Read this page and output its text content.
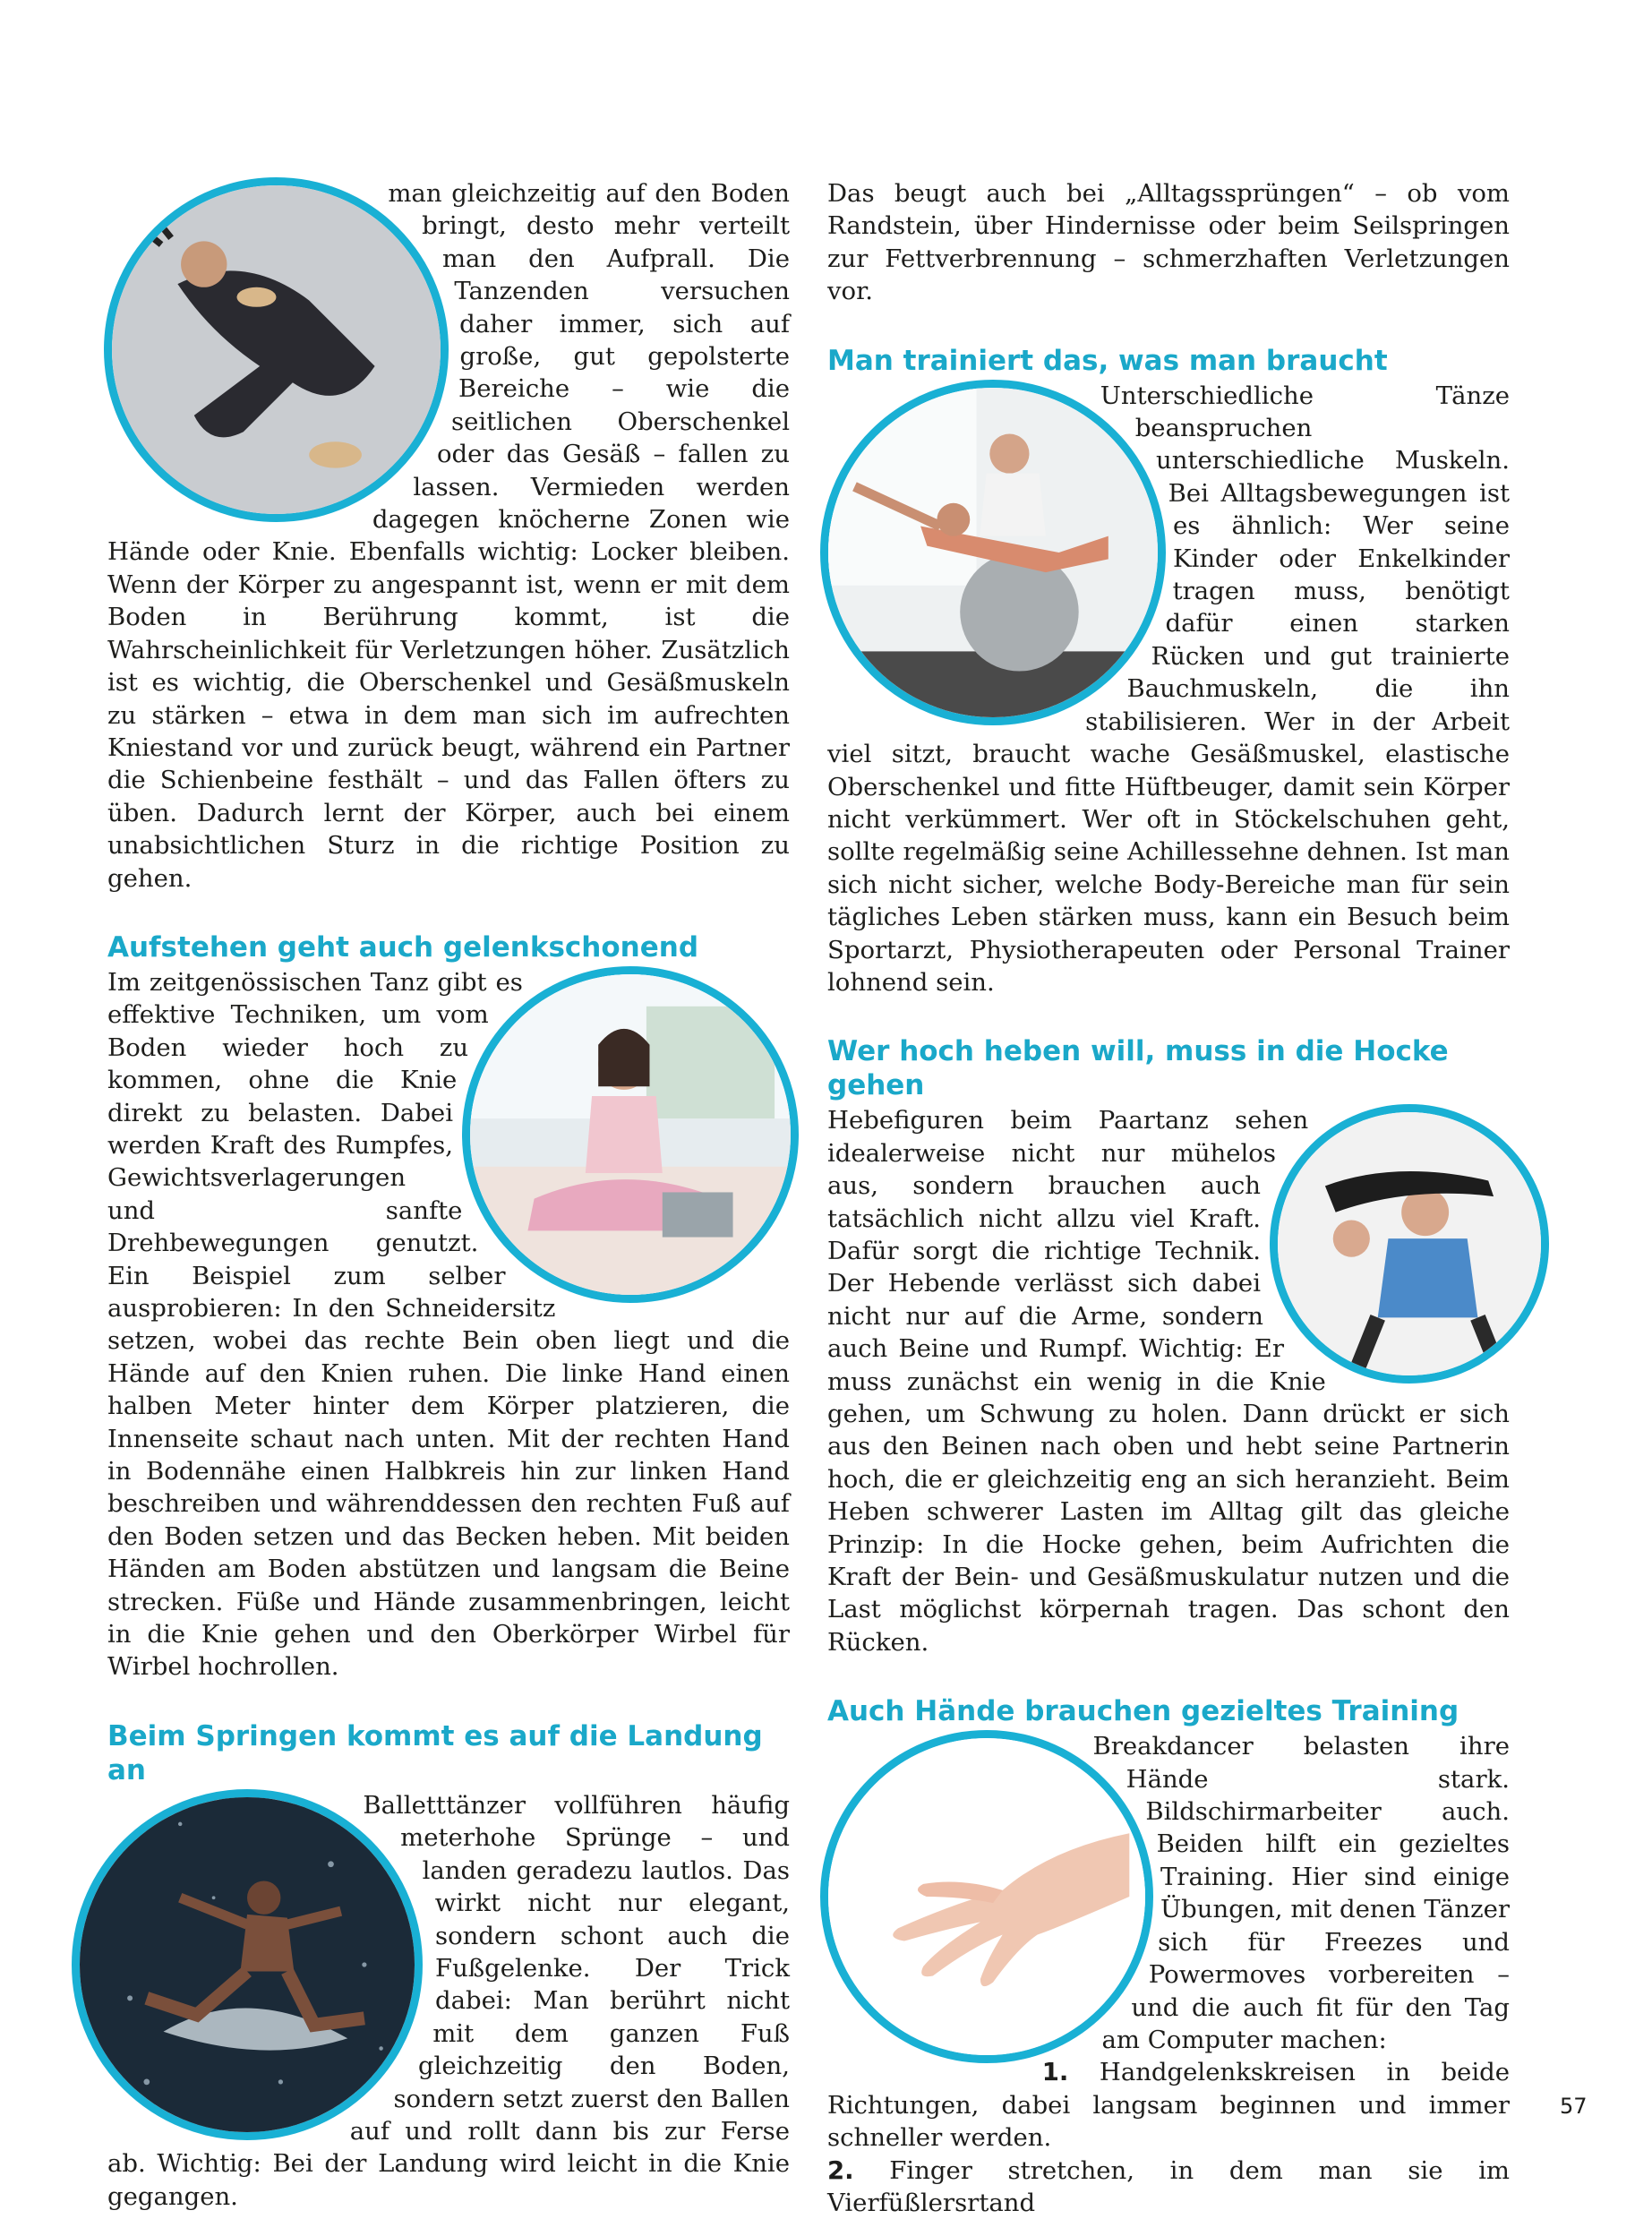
man gleichzeitig auf den Boden bringt, desto mehr verteilt man den Aufprall. Die Tanzenden versuchen daher immer, sich auf große, gut gepolsterte Bereiche – wie die seitlichen Oberschenkel oder das Gesäß – fallen zu lassen. Vermieden werden dagegen knöcherne Zonen wie Hände oder Knie. Ebenfalls wichtig: Locker bleiben. Wenn der Körper zu angespannt ist, wenn er mit dem Boden in Berührung kommt, ist die Wahrscheinlichkeit für Verletzungen höher. Zusätzlich ist es wichtig, die Oberschenkel und Gesäßmuskeln zu stärken – etwa in dem man sich im aufrechten Kniestand vor und zurück beugt, während ein Partner die Schienbeine festhält – und das Fallen öfters zu üben. Dadurch lernt der Körper, auch bei einem unabsichtlichen Sturz in die richtige Position zu gehen.

Aufstehen geht auch gelenkschonend

Im zeitgenössischen Tanz gibt es effektive Techniken, um vom Boden wieder hoch zu kommen, ohne die Knie direkt zu belasten. Dabei werden Kraft des Rumpfes, Gewichtsverlagerungen und sanfte Drehbewegungen genutzt. Ein Beispiel zum selber ausprobieren: In den Schneidersitz setzen, wobei das rechte Bein oben liegt und die Hände auf den Knien ruhen. Die linke Hand einen halben Meter hinter dem Körper platzieren, die Innenseite schaut nach unten. Mit der rechten Hand in Bodennähe einen Halbkreis hin zur linken Hand beschreiben und währenddessen den rechten Fuß auf den Boden setzen und das Becken heben. Mit beiden Händen am Boden abstützen und langsam die Beine strecken. Füße und Hände zusammenbringen, leicht in die Knie gehen und den Oberkörper Wirbel für Wirbel hochrollen.

Beim Springen kommt es auf die Landung an

Balletttänzer vollführen häufig meterhohe Sprünge – und landen geradezu lautlos. Das wirkt nicht nur elegant, sondern schont auch die Fußgelenke. Der Trick dabei: Man berührt nicht mit dem ganzen Fuß gleichzeitig den Boden, sondern setzt zuerst den Ballen auf und rollt dann bis zur Ferse ab. Wichtig: Bei der Landung wird leicht in die Knie gegangen.

Das beugt auch bei „Alltagssprüngen“ – ob vom Randstein, über Hindernisse oder beim Seilspringen zur Fettverbrennung – schmerzhaften Verletzungen vor.

Man trainiert das, was man braucht

Unterschiedliche Tänze beanspruchen unterschiedliche Muskeln. Bei Alltagsbewegungen ist es ähnlich: Wer seine Kinder oder Enkelkinder tragen muss, benötigt dafür einen starken Rücken und gut trainierte Bauchmuskeln, die ihn stabilisieren. Wer in der Arbeit viel sitzt, braucht wache Gesäßmuskel, elastische Oberschenkel und fitte Hüftbeuger, damit sein Körper nicht verkümmert. Wer oft in Stöckelschuhen geht, sollte regelmäßig seine Achillessehne dehnen. Ist man sich nicht sicher, welche Body-Bereiche man für sein tägliches Leben stärken muss, kann ein Besuch beim Sportarzt, Physiotherapeuten oder Personal Trainer lohnend sein.

Wer hoch heben will, muss in die Hocke gehen

Hebefiguren beim Paartanz sehen idealerweise nicht nur mühelos aus, sondern brauchen auch tatsächlich nicht allzu viel Kraft. Dafür sorgt die richtige Technik. Der Hebende verlässt sich dabei nicht nur auf die Arme, sondern auch Beine und Rumpf. Wichtig: Er muss zunächst ein wenig in die Knie gehen, um Schwung zu holen. Dann drückt er sich aus den Beinen nach oben und hebt seine Partnerin hoch, die er gleichzeitig eng an sich heranzieht. Beim Heben schwerer Lasten im Alltag gilt das gleiche Prinzip: In die Hocke gehen, beim Aufrichten die Kraft der Bein- und Gesäßmuskulatur nutzen und die Last möglichst körpernah tragen. Das schont den Rücken.

Auch Hände brauchen gezieltes Training

Breakdancer belasten ihre Hände stark. Bildschirmarbeiter auch. Beiden hilft ein gezieltes Training. Hier sind einige Übungen, mit denen Tänzer sich für Freezes und Powermoves vorbereiten – und die auch fit für den Tag am Computer machen:

1. Handgelenkskreisen in beide Richtungen, dabei langsam beginnen und immer schneller werden.

2. Finger stretchen, in dem man sie im Vierfüßlersrtand

57
